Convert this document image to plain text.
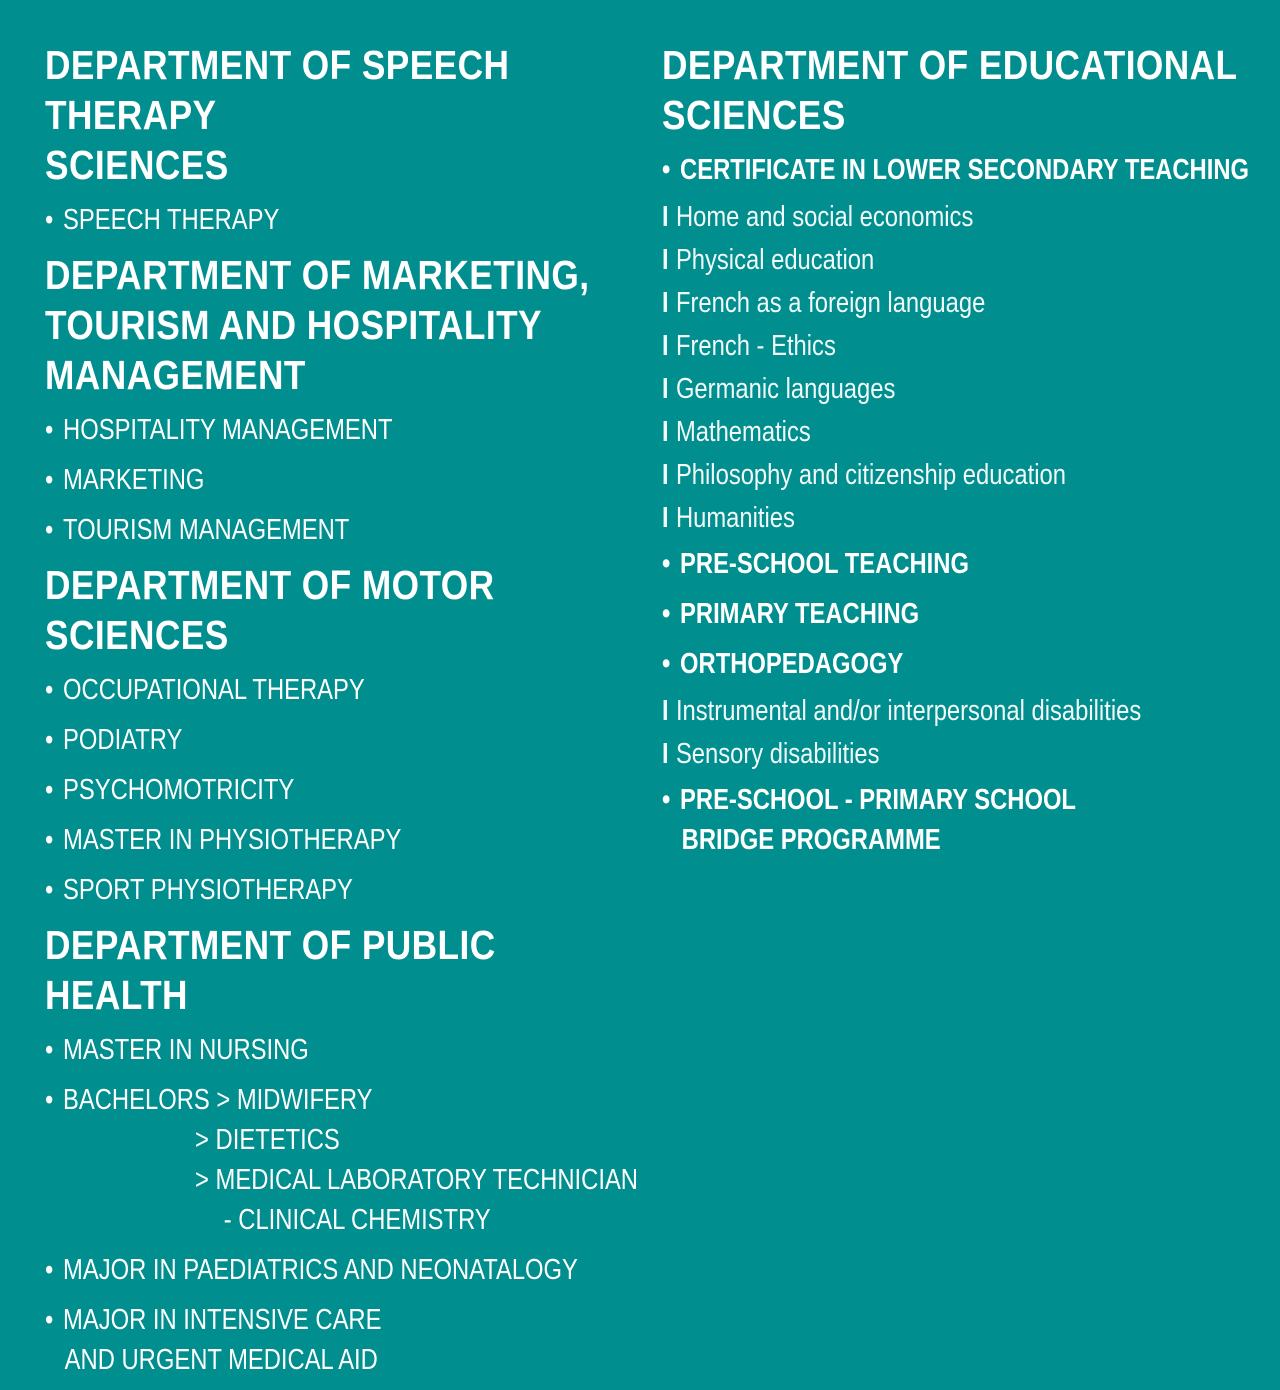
DEPARTMENT OF SPEECH THERAPY
SCIENCES
• SPEECH THERAPY
DEPARTMENT OF MARKETING,
TOURISM AND HOSPITALITY
MANAGEMENT
• HOSPITALITY MANAGEMENT
• MARKETING
• TOURISM MANAGEMENT
DEPARTMENT OF MOTOR SCIENCES
• OCCUPATIONAL THERAPY
• PODIATRY
• PSYCHOMOTRICITY
• MASTER IN PHYSIOTHERAPY
• SPORT PHYSIOTHERAPY
DEPARTMENT OF PUBLIC HEALTH
• MASTER IN NURSING
• BACHELORS > MIDWIFERY
> DIETETICS
> MEDICAL LABORATORY TECHNICIAN
- CLINICAL CHEMISTRY
• MAJOR IN PAEDIATRICS AND NEONATALOGY
• MAJOR IN INTENSIVE CARE
AND URGENT MEDICAL AID
DEPARTMENT OF EDUCATIONAL
SCIENCES
• CERTIFICATE IN LOWER SECONDARY TEACHING
I Home and social economics
I Physical education
I French as a foreign language
I French - Ethics
I Germanic languages
I Mathematics
I Philosophy and citizenship education
I Humanities
• PRE-SCHOOL TEACHING
• PRIMARY TEACHING
• ORTHOPEDAGOGY
I Instrumental and/or interpersonal disabilities
I Sensory disabilities
• PRE-SCHOOL - PRIMARY SCHOOL
BRIDGE PROGRAMME
